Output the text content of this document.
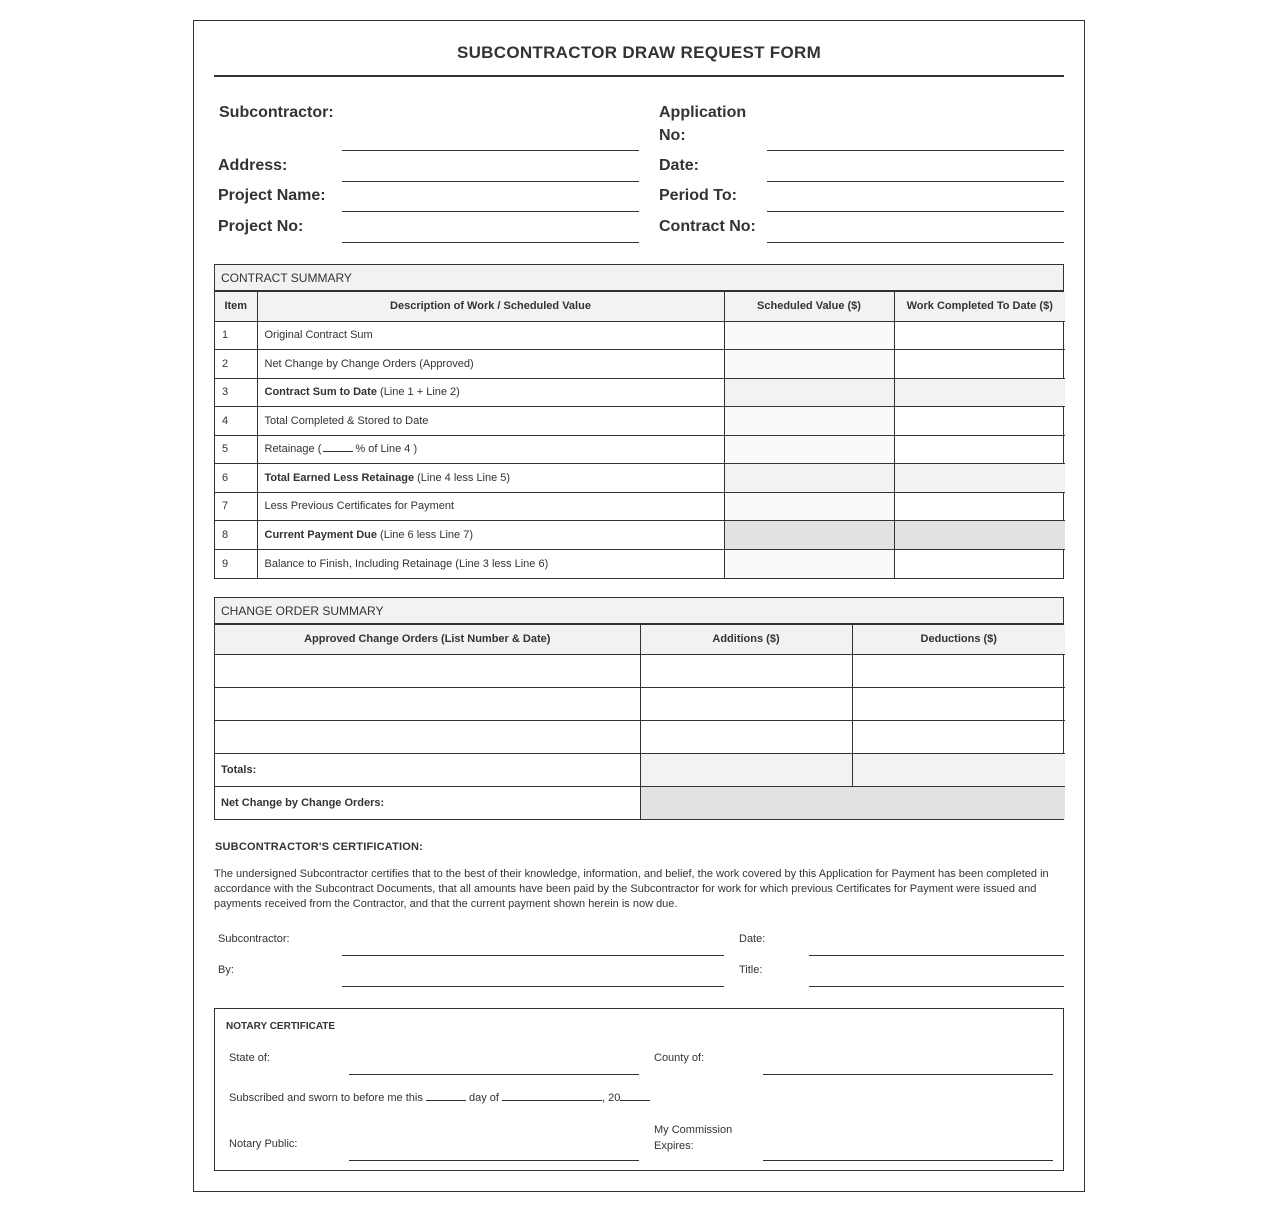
SUBCONTRACTOR DRAW REQUEST FORM
Subcontractor:	Application No:
Address:	Date:
Project Name:	Period To:
Project No:	Contract No:
CONTRACT SUMMARY
Item	Description of Work / Scheduled Value	Scheduled Value ($)	Work Completed To Date ($)
1	Original Contract Sum		
2	Net Change by Change Orders (Approved)		
3	Contract Sum to Date (Line 1 + Line 2)		
4	Total Completed & Stored to Date		
5	Retainage ( % of Line 4 )		
6	Total Earned Less Retainage (Line 4 less Line 5)		
7	Less Previous Certificates for Payment		
8	Current Payment Due (Line 6 less Line 7)		
9	Balance to Finish, Including Retainage (Line 3 less Line 6)		
CHANGE ORDER SUMMARY
Approved Change Orders (List Number & Date)	Additions ($)	Deductions ($)

Totals:		
Net Change by Change Orders:		
SUBCONTRACTOR'S CERTIFICATION:
The undersigned Subcontractor certifies that to the best of their knowledge, information, and belief, the work covered by this Application for Payment has been completed in accordance with the Subcontract Documents, that all amounts have been paid by the Subcontractor for work for which previous Certificates for Payment were issued and payments received from the Contractor, and that the current payment shown herein is now due.
Subcontractor:	Date:
By:	Title:
NOTARY CERTIFICATE
State of:	County of:
Subscribed and sworn to before me this	day of	, 20
Notary Public:
My Commission
Expires:
